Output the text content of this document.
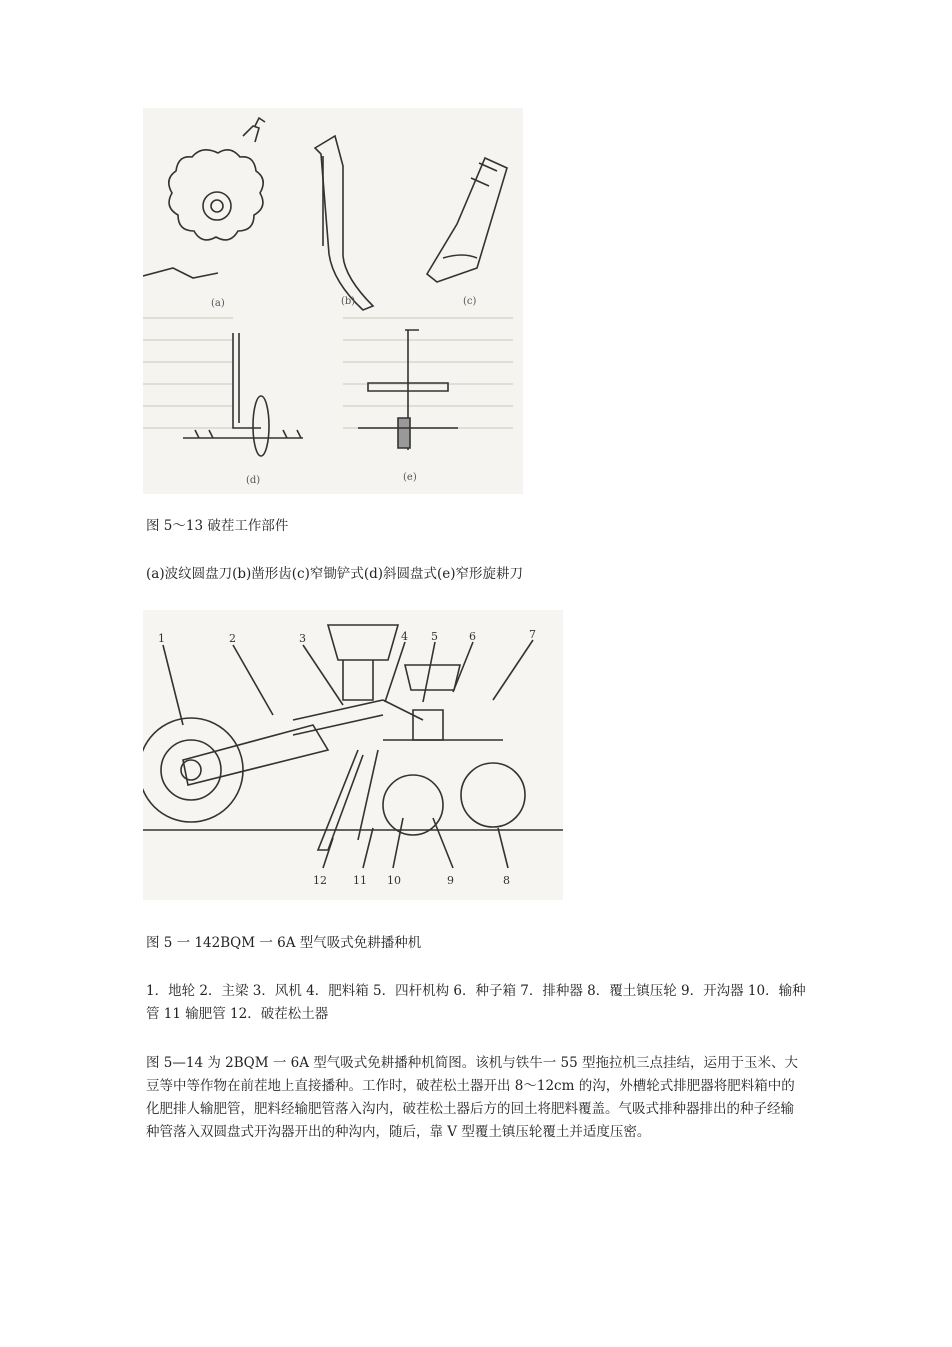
(a)	(b)	(c)
(d)	(e)
图 5～13 破茬工作部件
(a)波纹圆盘刀(b)凿形齿(c)窄锄铲式(d)斜圆盘式(e)窄形旋耕刀
1	2	3	4 5	6	7
12 11 10	9	8
图 5 一 142BQM 一 6A 型气吸式免耕播种机
1．地轮 2．主梁 3．风机 4．肥料箱 5．四杆机构 6．种子箱 7．排种器 8．覆土镇压轮 9．开沟器 10．输种管 11 输肥管 12．破茬松土器
图 5—14 为 2BQM 一 6A 型气吸式免耕播种机简图。该机与铁牛一 55 型拖拉机三点挂结，运用于玉米、大豆等中等作物在前茬地上直接播种。工作时，破茬松土器开出 8～12cm 的沟，外槽轮式排肥器将肥料箱中的化肥排人输肥管，肥料经输肥管落入沟内，破茬松土器后方的回土将肥料覆盖。气吸式排种器排出的种子经输种管落入双圆盘式开沟器开出的种沟内，随后，靠 V 型覆土镇压轮覆土并适度压密。
